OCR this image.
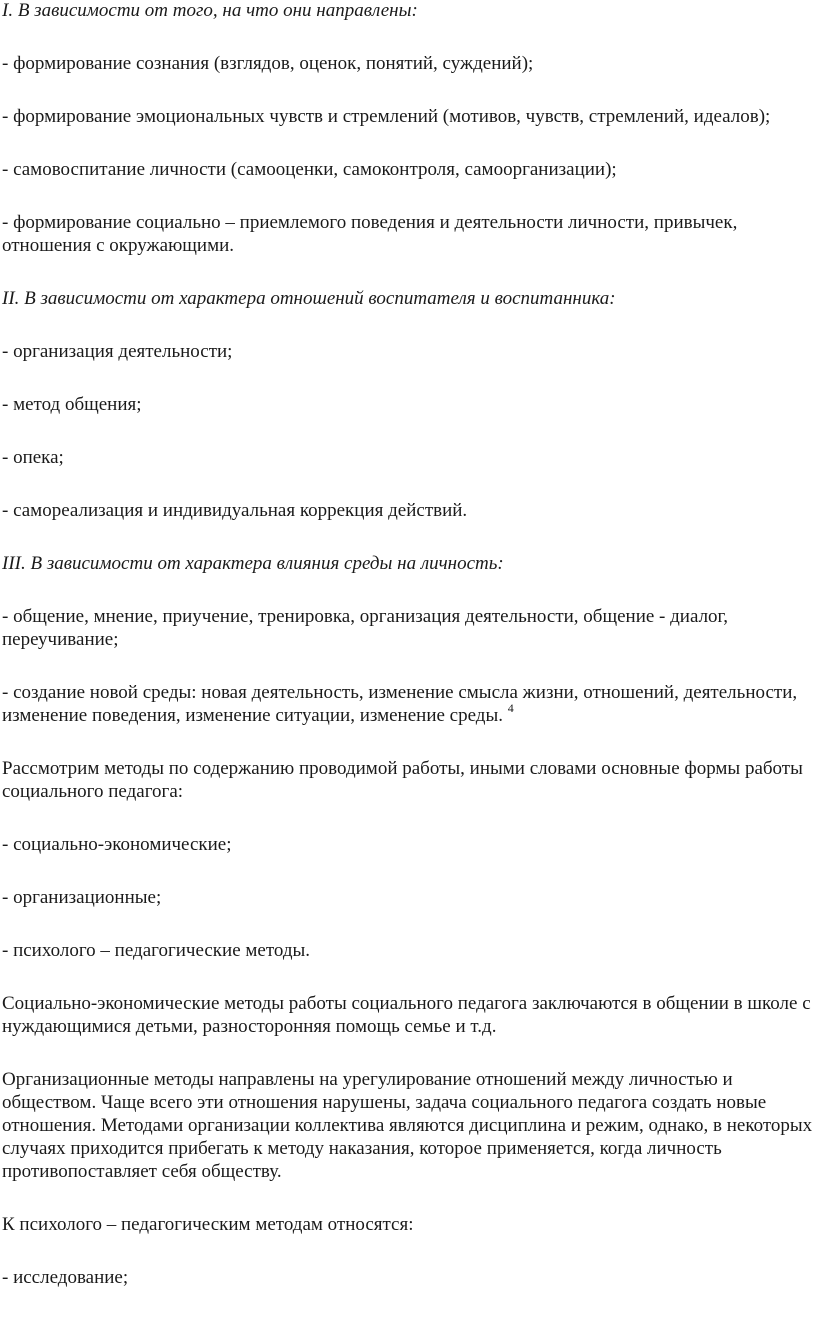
I. В зависимости от того, на что они направлены:

- формирование сознания (взглядов, оценок, понятий, суждений);

- формирование эмоциональных чувств и стремлений (мотивов, чувств, стремлений, идеалов);

- самовоспитание личности (самооценки, самоконтроля, самоорганизации);

- формирование социально – приемлемого поведения и деятельности личности, привычек, отношения с окружающими.

II. В зависимости от характера отношений воспитателя и воспитанника:

- организация деятельности;

- метод общения;

- опека;

- самореализация и индивидуальная коррекция действий.

III. В зависимости от характера влияния среды на личность:

- общение, мнение, приучение, тренировка, организация деятельности, общение - диалог, переучивание;

- создание новой среды: новая деятельность, изменение смысла жизни, отношений, деятельности, изменение поведения, изменение ситуации, изменение среды. $^4$

Рассмотрим методы по содержанию проводимой работы, иными словами основные формы работы социального педагога:

- социально-экономические;

- организационные;

- психолого – педагогические методы.

Социально-экономические методы работы социального педагога заключаются в общении в школе с нуждающимися детьми, разносторонняя помощь семье и т.д.

Организационные методы направлены на урегулирование отношений между личностью и обществом. Чаще всего эти отношения нарушены, задача социального педагога создать новые отношения. Методами организации коллектива являются дисциплина и режим, однако, в некоторых случаях приходится прибегать к методу наказания, которое применяется, когда личность противопоставляет себя обществу.

К психолого – педагогическим методам относятся:

- исследование;
